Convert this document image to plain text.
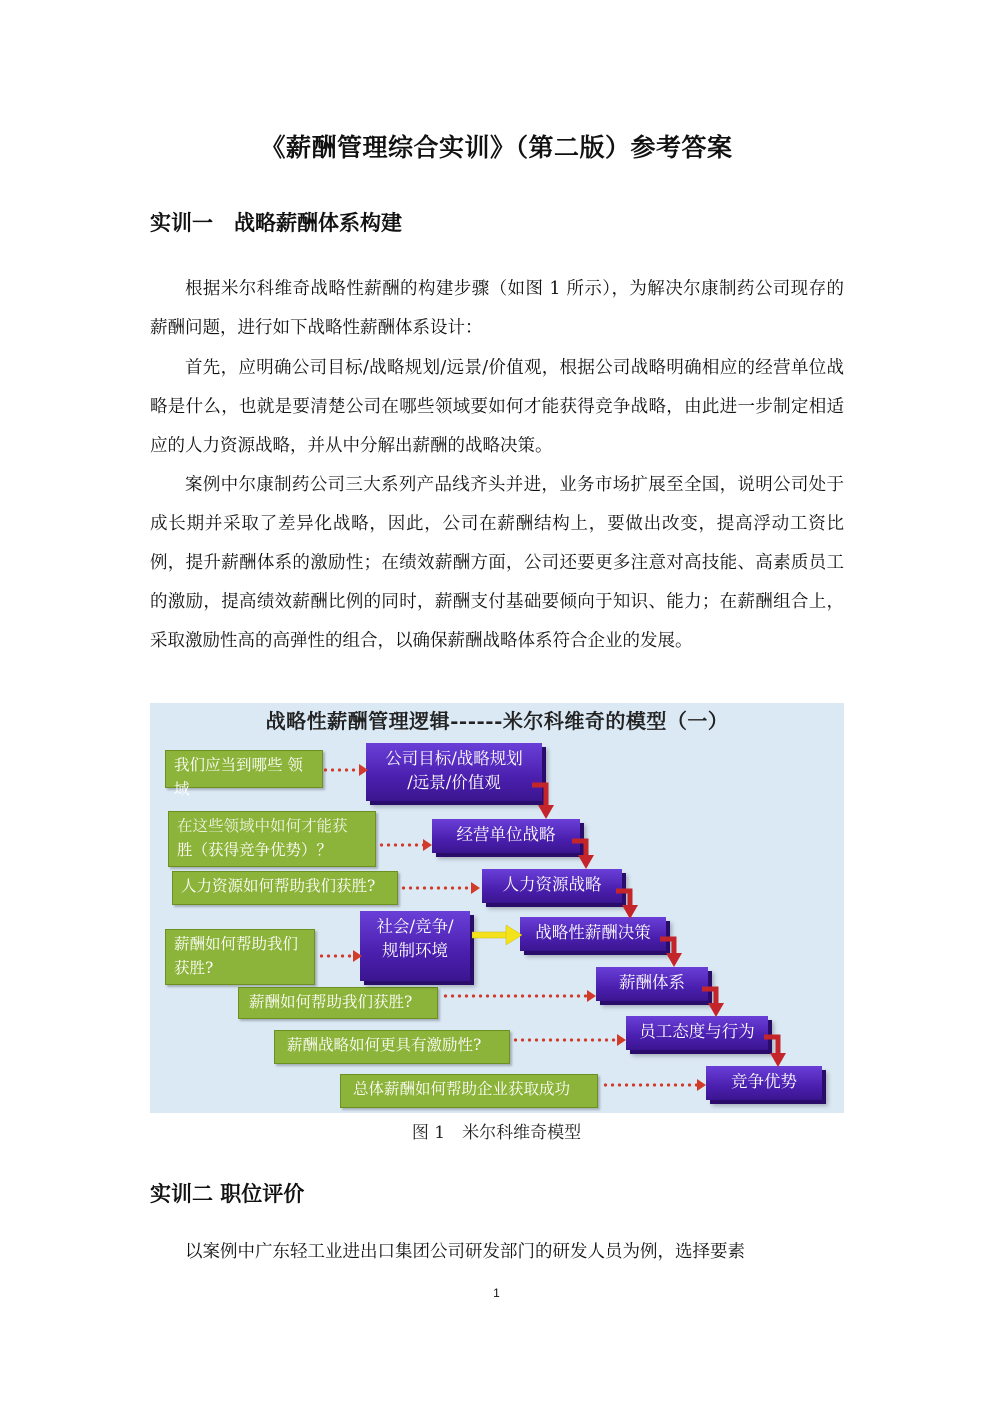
《薪酬管理综合实训》（第二版）参考答案
实训一　战略薪酬体系构建

根据米尔科维奇战略性薪酬的构建步骤（如图 1 所示），为解决尔康制药公司现存的薪酬问题，进行如下战略性薪酬体系设计：

首先，应明确公司目标/战略规划/远景/价值观，根据公司战略明确相应的经营单位战略是什么，也就是要清楚公司在哪些领域要如何才能获得竞争战略，由此进一步制定相适应的人力资源战略，并从中分解出薪酬的战略决策。

案例中尔康制药公司三大系列产品线齐头并进，业务市场扩展至全国，说明公司处于成长期并采取了差异化战略，因此，公司在薪酬结构上，要做出改变，提高浮动工资比例，提升薪酬体系的激励性；在绩效薪酬方面，公司还要更多注意对高技能、高素质员工的激励，提高绩效薪酬比例的同时，薪酬支付基础要倾向于知识、能力；在薪酬组合上，采取激励性高的高弹性的组合，以确保薪酬战略体系符合企业的发展。

战略性薪酬管理逻辑------米尔科维奇的模型（一）
我们应当到哪些 领域
在这些领域中如何才能获
胜（获得竞争优势）？
人力资源如何帮助我们获胜?
薪酬如何帮助我们
获胜?
薪酬如何帮助我们获胜?
薪酬战略如何更具有激励性?
总体薪酬如何帮助企业获取成功
公司目标/战略规划
/远景/价值观
经营单位战略
人力资源战略
社会/竞争/
规制环境
战略性薪酬决策
薪酬体系
员工态度与行为
竞争优势
图 1　米尔科维奇模型
实训二 职位评价

以案例中广东轻工业进出口集团公司研发部门的研发人员为例，选择要素

1
